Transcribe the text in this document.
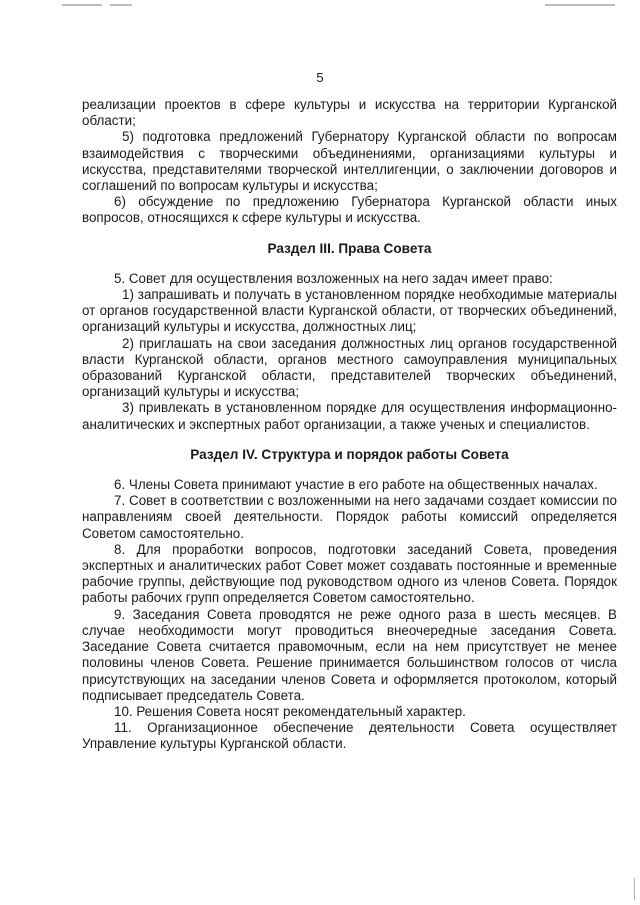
5

реализации проектов в сфере культуры и искусства на территории Курганской области;

5) подготовка предложений Губернатору Курганской области по вопросам взаимодействия с творческими объединениями, организациями культуры и искусства, представителями творческой интеллигенции, о заключении договоров и соглашений по вопросам культуры и искусства;

6) обсуждение по предложению Губернатора Курганской области иных вопросов, относящихся к сфере культуры и искусства.

Раздел III. Права Совета

5. Совет для осуществления возложенных на него задач имеет право:

1) запрашивать и получать в установленном порядке необходимые материалы от органов государственной власти Курганской области, от творческих объединений, организаций культуры и искусства, должностных лиц;

2) приглашать на свои заседания должностных лиц органов государственной власти Курганской области, органов местного самоуправления муниципальных образований Курганской области, представителей творческих объединений, организаций культуры и искусства;

3) привлекать в установленном порядке для осуществления информационно-аналитических и экспертных работ организации, а также ученых и специалистов.

Раздел IV. Структура и порядок работы Совета

6. Члены Совета принимают участие в его работе на общественных началах.

7. Совет в соответствии с возложенными на него задачами создает комиссии по направлениям своей деятельности. Порядок работы комиссий определяется Советом самостоятельно.

8. Для проработки вопросов, подготовки заседаний Совета, проведения экспертных и аналитических работ Совет может создавать постоянные и временные рабочие группы, действующие под руководством одного из членов Совета. Порядок работы рабочих групп определяется Советом самостоятельно.

9. Заседания Совета проводятся не реже одного раза в шесть месяцев. В случае необходимости могут проводиться внеочередные заседания Совета. Заседание Совета считается правомочным, если на нем присутствует не менее половины членов Совета. Решение принимается большинством голосов от числа присутствующих на заседании членов Совета и оформляется протоколом, который подписывает председатель Совета.

10. Решения Совета носят рекомендательный характер.

11. Организационное обеспечение деятельности Совета осуществляет Управление культуры Курганской области.
